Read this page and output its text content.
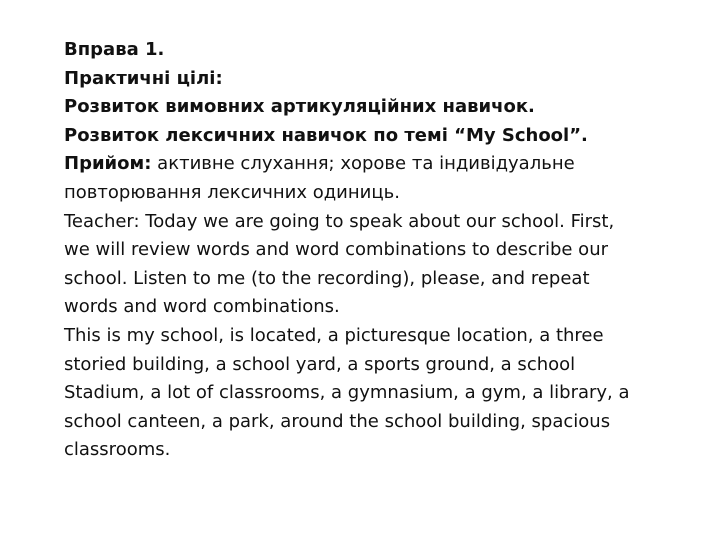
Вправа 1.
Практичні цілі:
Розвиток вимовних артикуляційних навичок.
Розвиток лексичних навичок по темі “My School”.
Прийом: активне слухання; хорове та індивідуальне
повторювання лексичних одиниць.
Teacher: Today we are going to speak about our school. First,
we will review words and word combinations to describe our
school. Listen to me (to the recording), please, and repeat
words and word combinations.
This is my school, is located, a picturesque location, a three
storied building, a school yard, a sports ground, a school
Stadium, a lot of classrooms, a gymnasium, a gym, a library, a
school canteen, a park, around the school building, spacious
classrooms.
